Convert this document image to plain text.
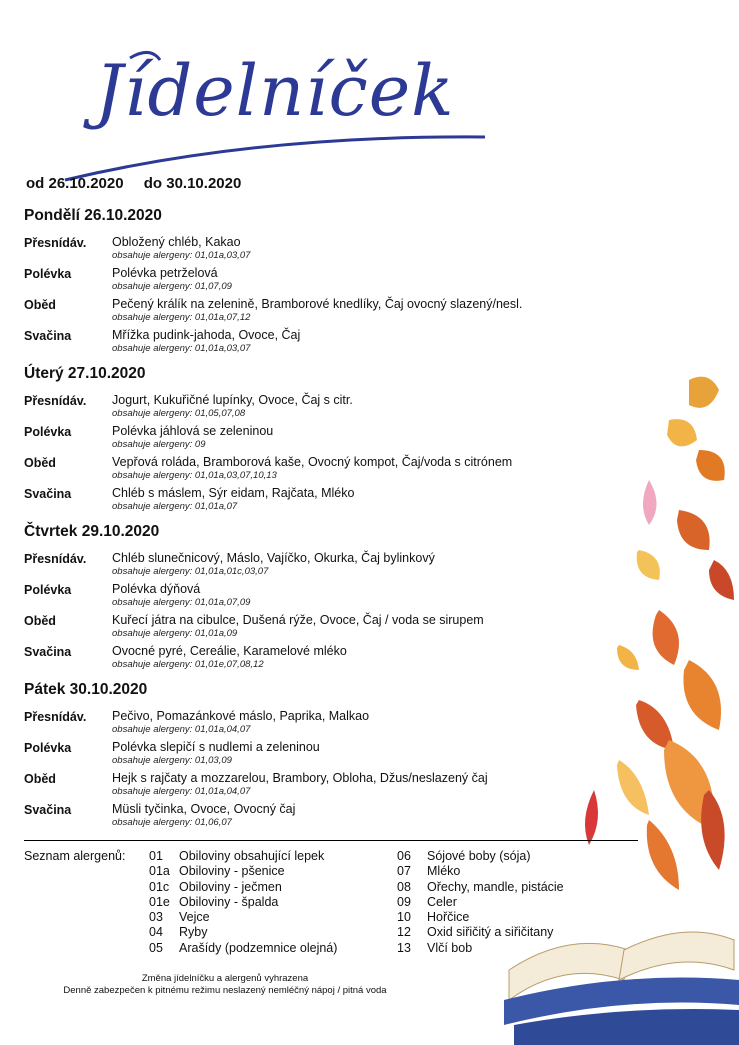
Jídelníček
od 26.10.2020 do 30.10.2020
Pondělí 26.10.2020
Přesnídáv.	Obložený chléb, Kakao
obsahuje alergeny: 01,01a,03,07
Polévka	Polévka petrželová
obsahuje alergeny: 01,07,09
Oběd	Pečený králík na zelenině, Bramborové knedlíky, Čaj ovocný slazený/nesl.
obsahuje alergeny: 01,01a,07,12
Svačina	Mřížka pudink-jahoda, Ovoce, Čaj
obsahuje alergeny: 01,01a,03,07
Úterý 27.10.2020
Přesnídáv.	Jogurt, Kukuřičné lupínky, Ovoce, Čaj s citr.
obsahuje alergeny: 01,05,07,08
Polévka	Polévka jáhlová se zeleninou
obsahuje alergeny: 09
Oběd	Vepřová roláda, Bramborová kaše, Ovocný kompot, Čaj/voda s citrónem
obsahuje alergeny: 01,01a,03,07,10,13
Svačina	Chléb s máslem, Sýr eidam, Rajčata, Mléko
obsahuje alergeny: 01,01a,07
Čtvrtek 29.10.2020
Přesnídáv.	Chléb slunečnicový, Máslo, Vajíčko, Okurka, Čaj bylinkový
obsahuje alergeny: 01,01a,01c,03,07
Polévka	Polévka dýňová
obsahuje alergeny: 01,01a,07,09
Oběd	Kuřecí játra na cibulce, Dušená rýže, Ovoce, Čaj / voda se sirupem
obsahuje alergeny: 01,01a,09
Svačina	Ovocné pyré, Cereálie, Karamelové mléko
obsahuje alergeny: 01,01e,07,08,12
Pátek 30.10.2020
Přesnídáv.	Pečivo, Pomazánkové máslo, Paprika, Malkao
obsahuje alergeny: 01,01a,04,07
Polévka	Polévka slepičí s nudlemi a zeleninou
obsahuje alergeny: 01,03,09
Oběd	Hejk s rajčaty a mozzarelou, Brambory, Obloha, Džus/neslazený čaj
obsahuje alergeny: 01,01a,04,07
Svačina	Müsli tyčinka, Ovoce, Ovocný čaj
obsahuje alergeny: 01,06,07
Seznam alergenů:	01 Obiloviny obsahující lepek
01a Obiloviny - pšenice
01c Obiloviny - ječmen
01e Obiloviny - špalda
03 Vejce
04 Ryby
05 Arašídy (podzemnice olejná)
06 Sójové boby (sója)
07 Mléko
08 Ořechy, mandle, pistácie
09 Celer
10 Hořčice
12 Oxid siřičitý a siřičitany
13 Vlčí bob
Změna jídelníčku a alergenů vyhrazena
Denně zabezpečen k pitnému režimu neslazený nemléčný nápoj / pitná voda
